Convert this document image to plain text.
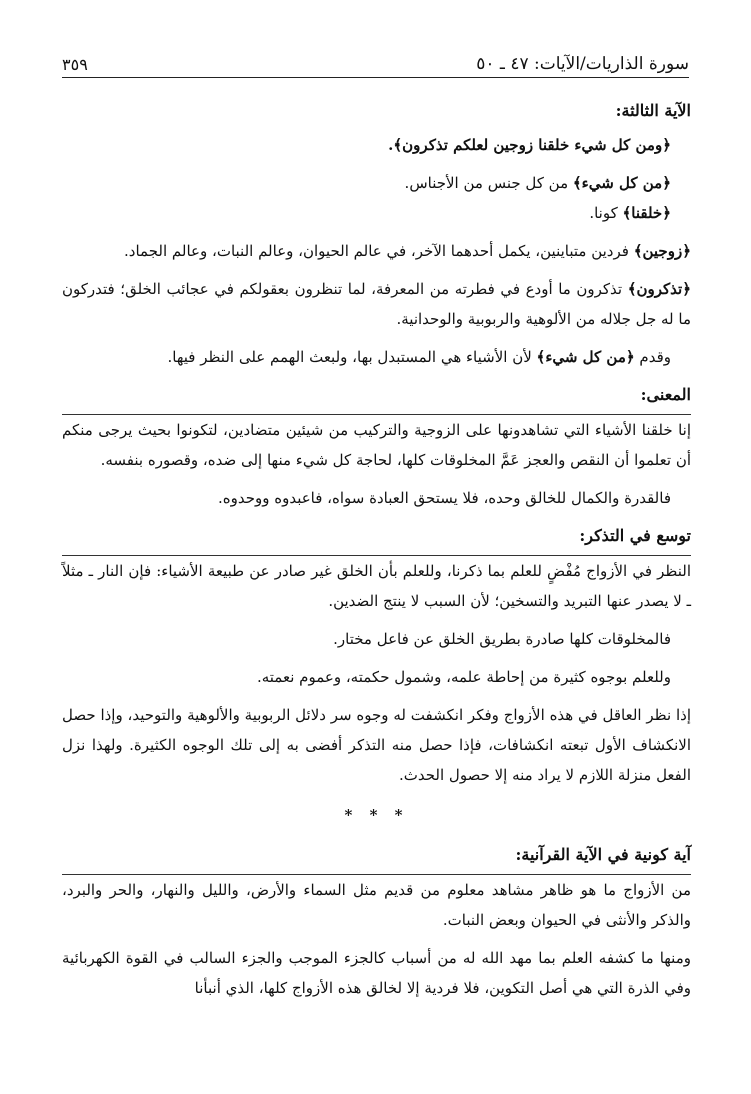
٣٥٩	سورة الذاريات/الآيات: ٤٧ ـ ٥٠
الآية الثالثة:

﴿ومن كل شيء خلقنا زوجين لعلكم تذكرون﴾.

﴿من كل شيء﴾ من كل جنس من الأجناس.

﴿خلقنا﴾ كونا.

﴿زوجين﴾ فردين متباينين، يكمل أحدهما الآخر، في عالم الحيوان، وعالم النبات، وعالم الجماد.

﴿تذكرون﴾ تذكرون ما أودع في فطرته من المعرفة، لما تنظرون بعقولكم في عجائب الخلق؛ فتدركون ما له جل جلاله من الألوهية والربوبية والوحدانية.

وقدم ﴿من كل شيء﴾ لأن الأشياء هي المستبدل بها، ولبعث الهمم على النظر فيها.

المعنى:

إنا خلقنا الأشياء التي تشاهدونها على الزوجية والتركيب من شيئين متضادين، لتكونوا بحيث يرجى منكم أن تعلموا أن النقص والعجز عَمَّ المخلوقات كلها، لحاجة كل شيء منها إلى ضده، وقصوره بنفسه.

فالقدرة والكمال للخالق وحده، فلا يستحق العبادة سواه، فاعبدوه ووحدوه.

توسع في التذكر:

النظر في الأزواج مُفْضٍ للعلم بما ذكرنا، وللعلم بأن الخلق غير صادر عن طبيعة الأشياء: فإن النار ـ مثلاً ـ لا يصدر عنها التبريد والتسخين؛ لأن السبب لا ينتج الضدين.

فالمخلوقات كلها صادرة بطريق الخلق عن فاعل مختار.

وللعلم بوجوه كثيرة من إحاطة علمه، وشمول حكمته، وعموم نعمته.

إذا نظر العاقل في هذه الأزواج وفكر انكشفت له وجوه سر دلائل الربوبية والألوهية والتوحيد، وإذا حصل الانكشاف الأول تبعته انكشافات، فإذا حصل منه التذكر أفضى به إلى تلك الوجوه الكثيرة. ولهذا نزل الفعل منزلة اللازم لا يراد منه إلا حصول الحدث.

* * *

آية كونية في الآية القرآنية:

من الأزواج ما هو ظاهر مشاهد معلوم من قديم مثل السماء والأرض، والليل والنهار، والحر والبرد، والذكر والأنثى في الحيوان وبعض النبات.

ومنها ما كشفه العلم بما مهد الله له من أسباب كالجزء الموجب والجزء السالب في القوة الكهربائية وفي الذرة التي هي أصل التكوين، فلا فردية إلا لخالق هذه الأزواج كلها، الذي أنبأنا
